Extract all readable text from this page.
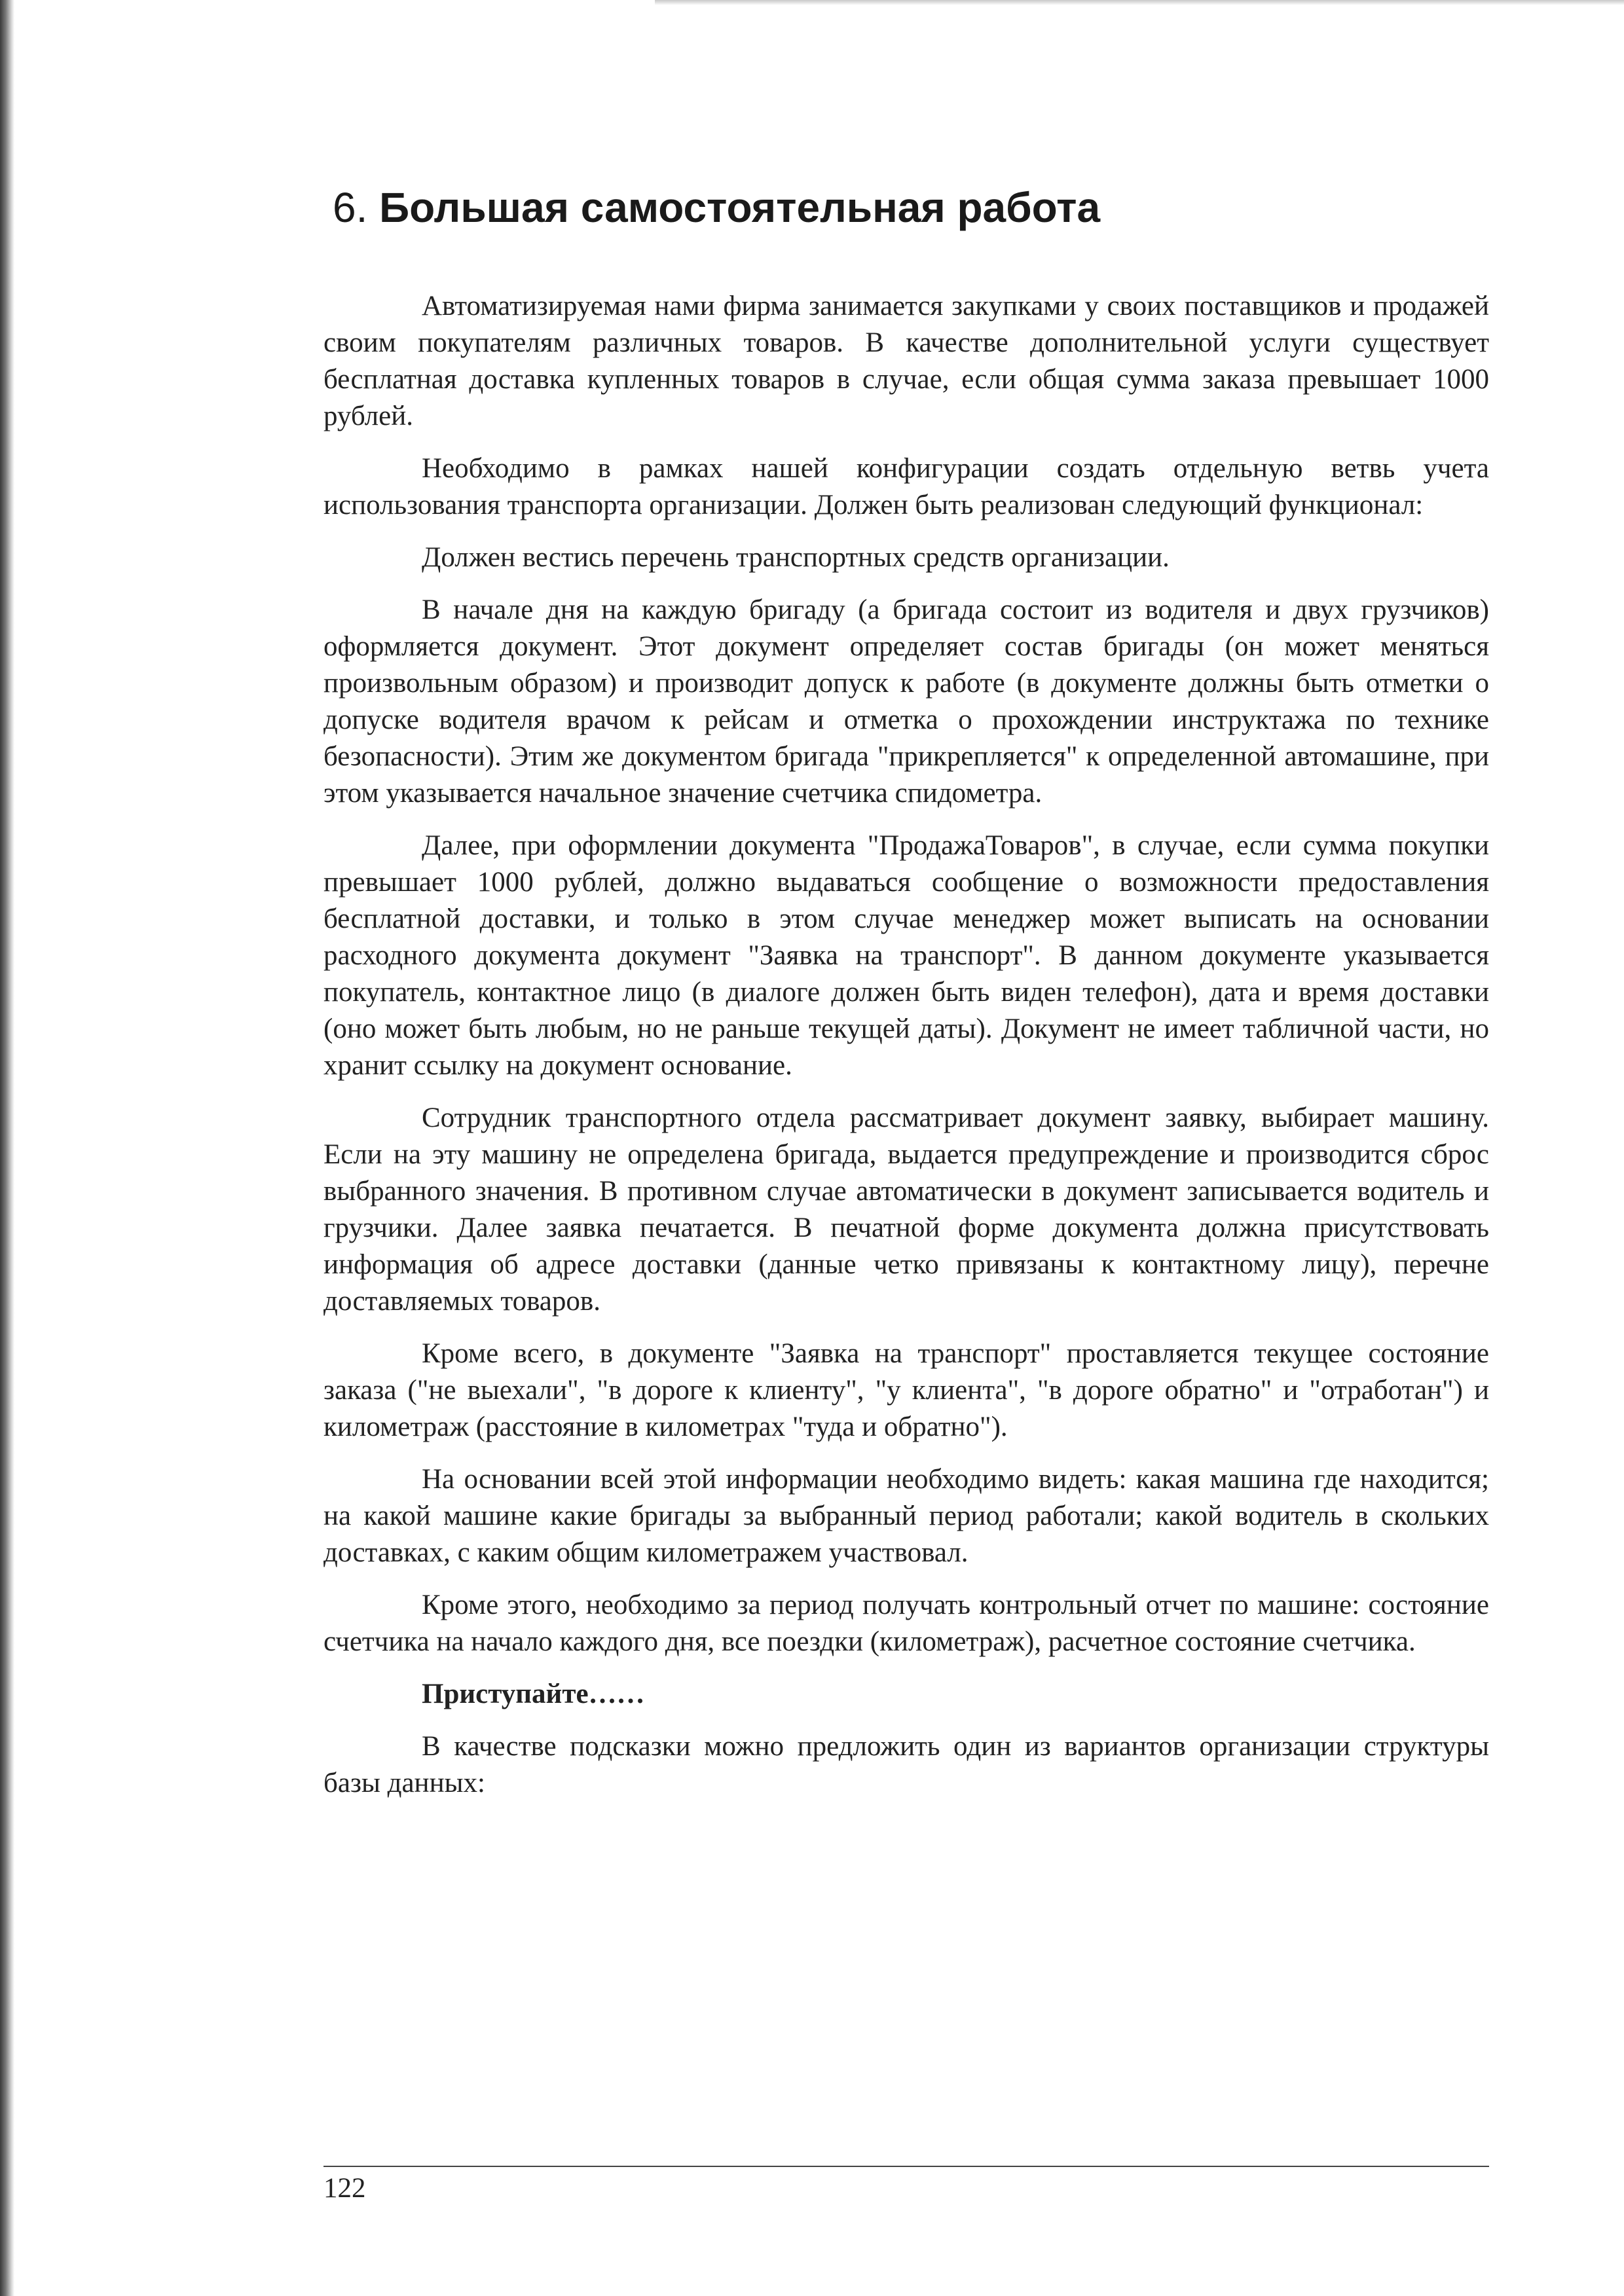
6. Большая самостоятельная работа

Автоматизируемая нами фирма занимается закупками у своих поставщиков и продажей своим покупателям различных товаров. В качестве дополнительной услуги существует бесплатная доставка купленных товаров в случае, если общая сумма заказа превышает 1000 рублей.

Необходимо в рамках нашей конфигурации создать отдельную ветвь учета использования транспорта организации. Должен быть реализован следующий функционал:

Должен вестись перечень транспортных средств организации.

В начале дня на каждую бригаду (а бригада состоит из водителя и двух грузчиков) оформляется документ. Этот документ определяет состав бригады (он может меняться произвольным образом) и производит допуск к работе (в документе должны быть отметки о допуске водителя врачом к рейсам и отметка о прохождении инструктажа по технике безопасности). Этим же документом бригада "прикрепляется" к определенной автомашине, при этом указывается начальное значение счетчика спидометра.

Далее, при оформлении документа "ПродажаТоваров", в случае, если сумма покупки превышает 1000 рублей, должно выдаваться сообщение о возможности предоставления бесплатной доставки, и только в этом случае менеджер может выписать на основании расходного документа документ "Заявка на транспорт". В данном документе указывается покупатель, контактное лицо (в диалоге должен быть виден телефон), дата и время доставки (оно может быть любым, но не раньше текущей даты). Документ не имеет табличной части, но хранит ссылку на документ основание.

Сотрудник транспортного отдела рассматривает документ заявку, выбирает машину. Если на эту машину не определена бригада, выдается предупреждение и производится сброс выбранного значения. В противном случае автоматически в документ записывается водитель и грузчики. Далее заявка печатается. В печатной форме документа должна присутствовать информация об адресе доставки (данные четко привязаны к контактному лицу), перечне доставляемых товаров.

Кроме всего, в документе "Заявка на транспорт" проставляется текущее состояние заказа ("не выехали", "в дороге к клиенту", "у клиента", "в дороге обратно" и "отработан") и километраж (расстояние в километрах "туда и обратно").

На основании всей этой информации необходимо видеть: какая машина где находится; на какой машине какие бригады за выбранный период работали; какой водитель в скольких доставках, с каким общим километражем участвовал.

Кроме этого, необходимо за период получать контрольный отчет по машине: состояние счетчика на начало каждого дня, все поездки (километраж), расчетное состояние счетчика.

Приступайте……

В качестве подсказки можно предложить один из вариантов организации структуры базы данных:

122
